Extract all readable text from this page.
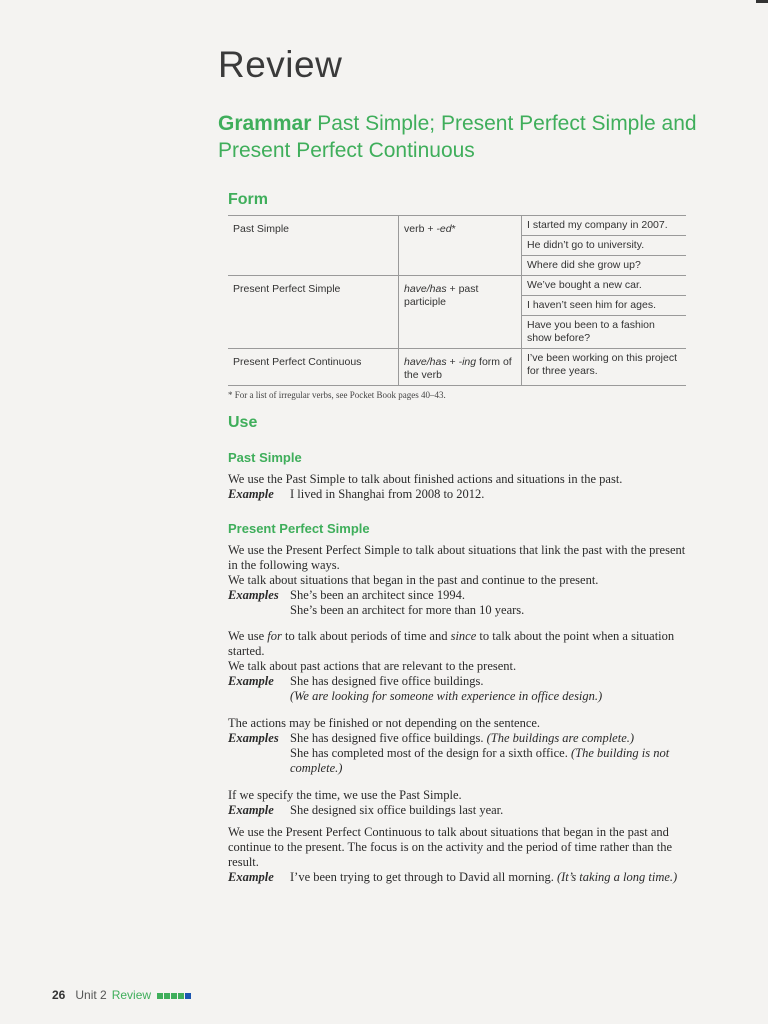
Review
Grammar Past Simple; Present Perfect Simple and Present Perfect Continuous
Form
Past Simple	verb + -ed*	I started my company in 2007.
		He didn’t go to university.
		Where did she grow up?
Present Perfect Simple	have/has + past participle	We’ve bought a new car.
		I haven’t seen him for ages.
		Have you been to a fashion show before?
Present Perfect Continuous	have/has + -ing form of the verb	I’ve been working on this project for three years.
* For a list of irregular verbs, see Pocket Book pages 40–43.
Use
Past Simple
We use the Past Simple to talk about finished actions and situations in the past.
Example	I lived in Shanghai from 2008 to 2012.
Present Perfect Simple
We use the Present Perfect Simple to talk about situations that link the past with the present in the following ways.
We talk about situations that began in the past and continue to the present.
Examples She’s been an architect since 1994.
She’s been an architect for more than 10 years.
We use for to talk about periods of time and since to talk about the point when a situation started.
We talk about past actions that are relevant to the present.
Example	She has designed five office buildings.
(We are looking for someone with experience in office design.)
The actions may be finished or not depending on the sentence.
Examples She has designed five office buildings. (The buildings are complete.)
She has completed most of the design for a sixth office. (The building is not complete.)
If we specify the time, we use the Past Simple.
Example	She designed six office buildings last year.
We use the Present Perfect Continuous to talk about situations that began in the past and continue to the present. The focus is on the activity and the period of time rather than the result.
Example	I’ve been trying to get through to David all morning. (It’s taking a long time.)
26 Unit 2 Review
